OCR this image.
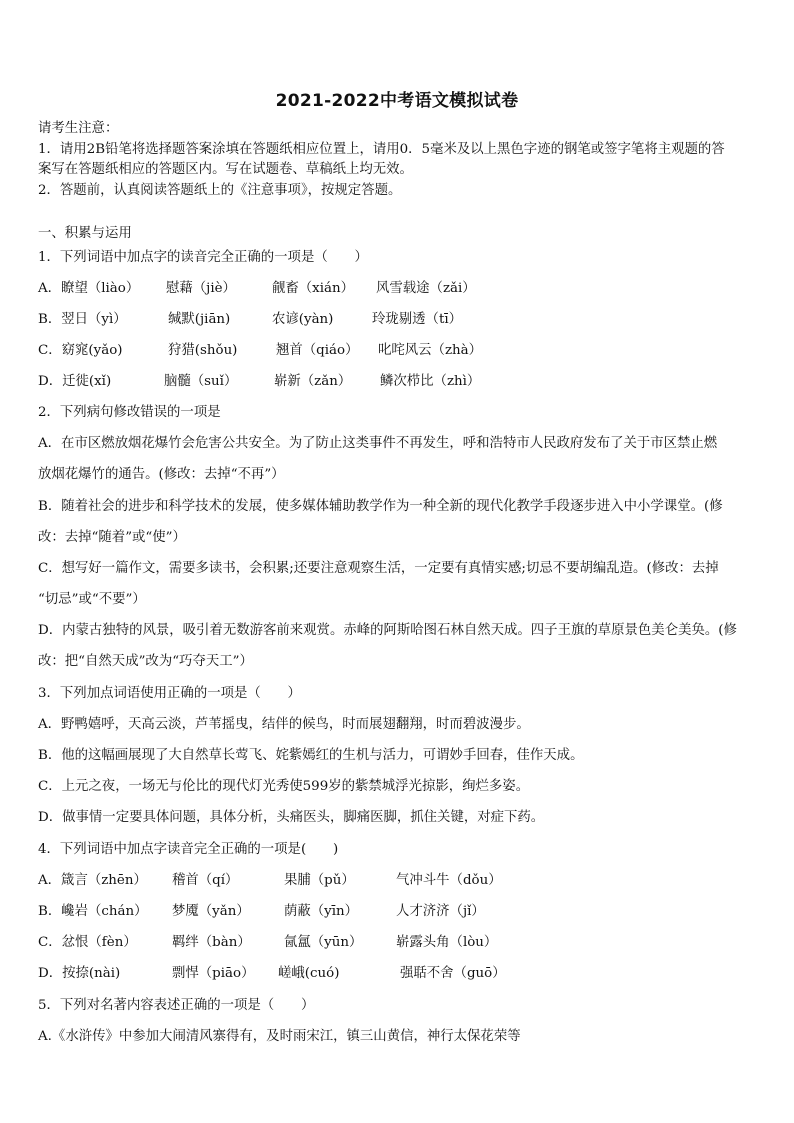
2021-2022中考语文模拟试卷
请考生注意：
1．请用2B铅笔将选择题答案涂填在答题纸相应位置上，请用0．5毫米及以上黑色字迹的钢笔或签字笔将主观题的答
案写在答题纸相应的答题区内。写在试题卷、草稿纸上均无效。
2．答题前，认真阅读答题纸上的《注意事项》，按规定答题。
一、积累与运用
1．下列词语中加点字的读音完全正确的一项是（　　）
A．瞭望（liào） 慰藉（jiè）	觎畜（xián） 风雪载途（zǎi）
B．翌日（yì）	缄默(jiān)	农谚(yàn)	玲珑剔透（tī）
C．窈窕(yǎo)	狩猎(shǒu)	翘首（qiáo） 叱咤风云（zhà）
D．迁徙(xǐ)	脑髓（suǐ）	崭新（zǎn） 鳞次栉比（zhì）
2．下列病句修改错误的一项是
A．在市区燃放烟花爆竹会危害公共安全。为了防止这类事件不再发生，呼和浩特市人民政府发布了关于市区禁止燃
放烟花爆竹的通告。(修改：去掉“不再”）
B．随着社会的进步和科学技术的发展，使多媒体辅助教学作为一种全新的现代化教学手段逐步进入中小学课堂。(修
改：去掉“随着”或“使”）
C．想写好一篇作文，需要多读书，会积累;还要注意观察生活，一定要有真情实感;切忌不要胡编乱造。(修改：去掉
“切忌”或“不要”）
D．内蒙古独特的风景，吸引着无数游客前来观赏。赤峰的阿斯哈图石林自然天成。四子王旗的草原景色美仑美奂。(修
改：把“自然天成”改为“巧夺天工”）
3．下列加点词语使用正确的一项是（　　）
A．野鸭嬉呼，天高云淡，芦苇摇曳，结伴的候鸟，时而展翅翻翔，时而碧波漫步。
B．他的这幅画展现了大自然草长莺飞、姹紫嫣红的生机与活力，可谓妙手回春，佳作天成。
C．上元之夜，一场无与伦比的现代灯光秀使599岁的紫禁城浮光掠影，绚烂多姿。
D．做事情一定要具体问题，具体分析，头痛医头，脚痛医脚，抓住关键，对症下药。
4．下列词语中加点字读音完全正确的一项是(　　)
A．箴言（zhēn） 稽首（qí）	果脯（pǔ）	气冲斗牛（dǒu）
B．巉岩（chán） 梦魇（yǎn）	荫蔽（yīn）	人才济济（jǐ）
C．忿恨（fèn）	羁绊（bàn） 氤氲（yūn）	崭露头角（lòu）
D．按捺(nài)	剽悍（piāo） 嵯峨(cuó)	强聒不舍（guō）
5．下列对名著内容表述正确的一项是（　　）
A.《水浒传》中参加大闹清风寨得有，及时雨宋江，镇三山黄信，神行太保花荣等
